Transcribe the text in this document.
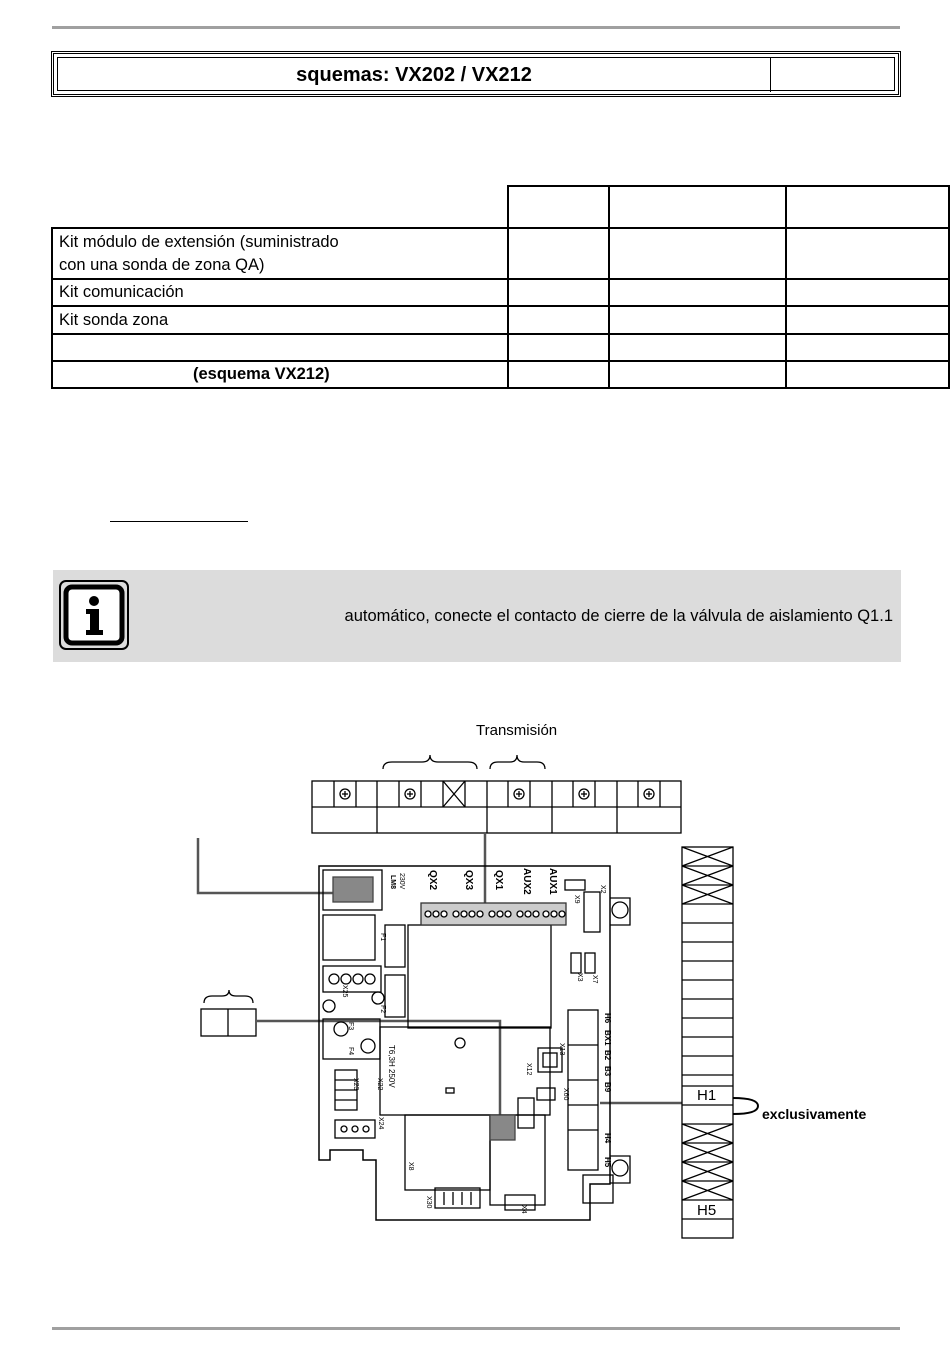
squemas: VX202 / VX212

Kit módulo de extensión (suministrado
con una sonda de zona QA)			

Kit comunicación			
Kit sonda zona			

(esquema VX212)			
automático, conecte el contacto de cierre de la válvula de aislamiento Q1.1
Transmisión
LM8	QX2	QX3 QX1 AUX2 AUX1
230V
T6,3H 250V
H6
BX1
B2
B3
B9
H4
H5
X9
X2
X3 X7
X13
X12
X60
X25
X22
X23
X24
X8
X30
X4
F1
F2
F3
F4
H1
H5
exclusivamente
